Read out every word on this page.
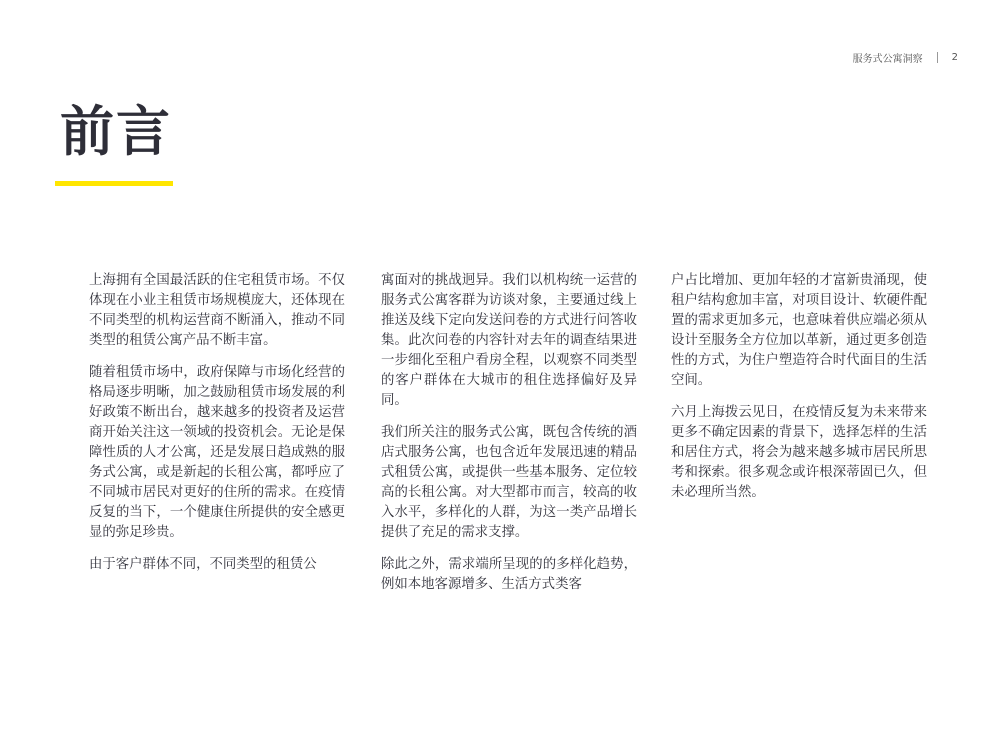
服务式公寓洞察	2
前言

上海拥有全国最活跃的住宅租赁市场。不仅体现在小业主租赁市场规模庞大，还体现在不同类型的机构运营商不断涌入，推动不同类型的租赁公寓产品不断丰富。

随着租赁市场中，政府保障与市场化经营的格局逐步明晰，加之鼓励租赁市场发展的利好政策不断出台，越来越多的投资者及运营商开始关注这一领域的投资机会。无论是保障性质的人才公寓，还是发展日趋成熟的服务式公寓，或是新起的长租公寓，都呼应了不同城市居民对更好的住所的需求。在疫情反复的当下，一个健康住所提供的安全感更显的弥足珍贵。

由于客户群体不同，不同类型的租赁公

寓面对的挑战迥异。我们以机构统一运营的服务式公寓客群为访谈对象，主要通过线上推送及线下定向发送问卷的方式进行问答收集。此次问卷的内容针对去年的调查结果进一步细化至租户看房全程，以观察不同类型的客户群体在大城市的租住选择偏好及异同。

我们所关注的服务式公寓，既包含传统的酒店式服务公寓，也包含近年发展迅速的精品式租赁公寓，或提供一些基本服务、定位较高的长租公寓。对大型都市而言，较高的收入水平，多样化的人群，为这一类产品增长提供了充足的需求支撑。

除此之外，需求端所呈现的的多样化趋势，例如本地客源增多、生活方式类客

户占比增加、更加年轻的才富新贵涌现，使租户结构愈加丰富，对项目设计、软硬件配置的需求更加多元，也意味着供应端必须从设计至服务全方位加以革新，通过更多创造性的方式，为住户塑造符合时代面目的生活空间。

六月上海拨云见日，在疫情反复为未来带来更多不确定因素的背景下，选择怎样的生活和居住方式，将会为越来越多城市居民所思考和探索。很多观念或许根深蒂固已久，但未必理所当然。
